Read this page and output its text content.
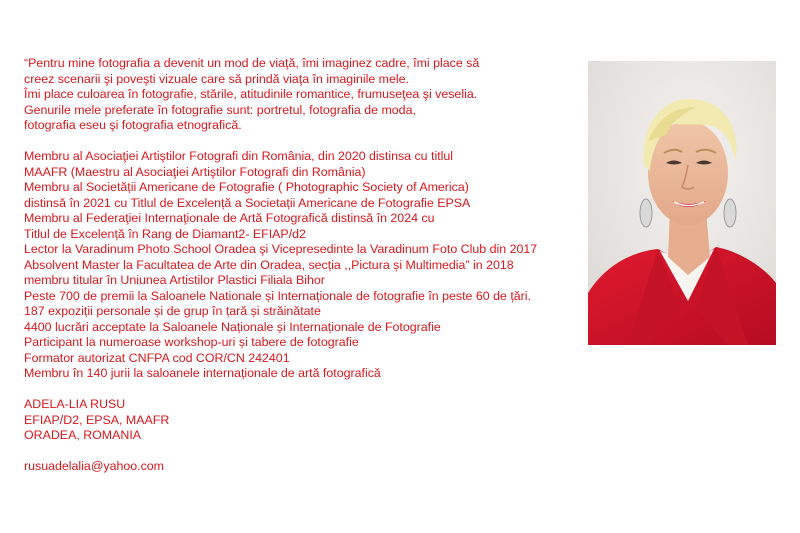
“Pentru mine fotografia a devenit un mod de viaţă, îmi imaginez cadre, îmi place să

creez scenarii şi poveşti vizuale care să prindă viaţa în imaginile mele.

Îmi place culoarea în fotografie, stările, atitudinile romantice, frumuseţea şi veselia.

Genurile mele preferate în fotografie sunt: portretul, fotografia de moda,

fotografia eseu şi fotografia etnografică.

Membru al Asociaţiei Artiştilor Fotografi din România, din 2020 distinsa cu titlul

MAAFR (Maestru al Asociaţiei Artiştilor Fotografi din România)

Membru al Societății Americane de Fotografie ( Photographic Society of America)

distinsă în 2021 cu Titlul de Excelență a Societații Americane de Fotografie EPSA

Membru al Federaţiei Internaţionale de Artă Fotografică distinsă în 2024 cu

Titlul de Excelență în Rang de Diamant2- EFIAP/d2

Lector la Varadinum Photo School Oradea şi Vicepresedinte la Varadinum Foto Club din 2017

Absolvent Master la Facultatea de Arte din Oradea, secția ,,Pictura și Multimedia” in 2018

membru titular în Uniunea Artistilor Plastici Filiala Bihor

Peste 700 de premii la Saloanele Nationale și Internaționale de fotografie în peste 60 de țări.

187 expoziții personale și de grup în țară și străinătate

4400 lucrări acceptate la Saloanele Naționale și Internaționale de Fotografie

Participant la numeroase workshop-uri și tabere de fotografie

Formator autorizat CNFPA cod COR/CN 242401

Membru în 140 jurii la saloanele internaționale de artă fotografică

ADELA-LIA RUSU

EFIAP/D2, EPSA, MAAFR

ORADEA, ROMANIA

rusuadelalia@yahoo.com
